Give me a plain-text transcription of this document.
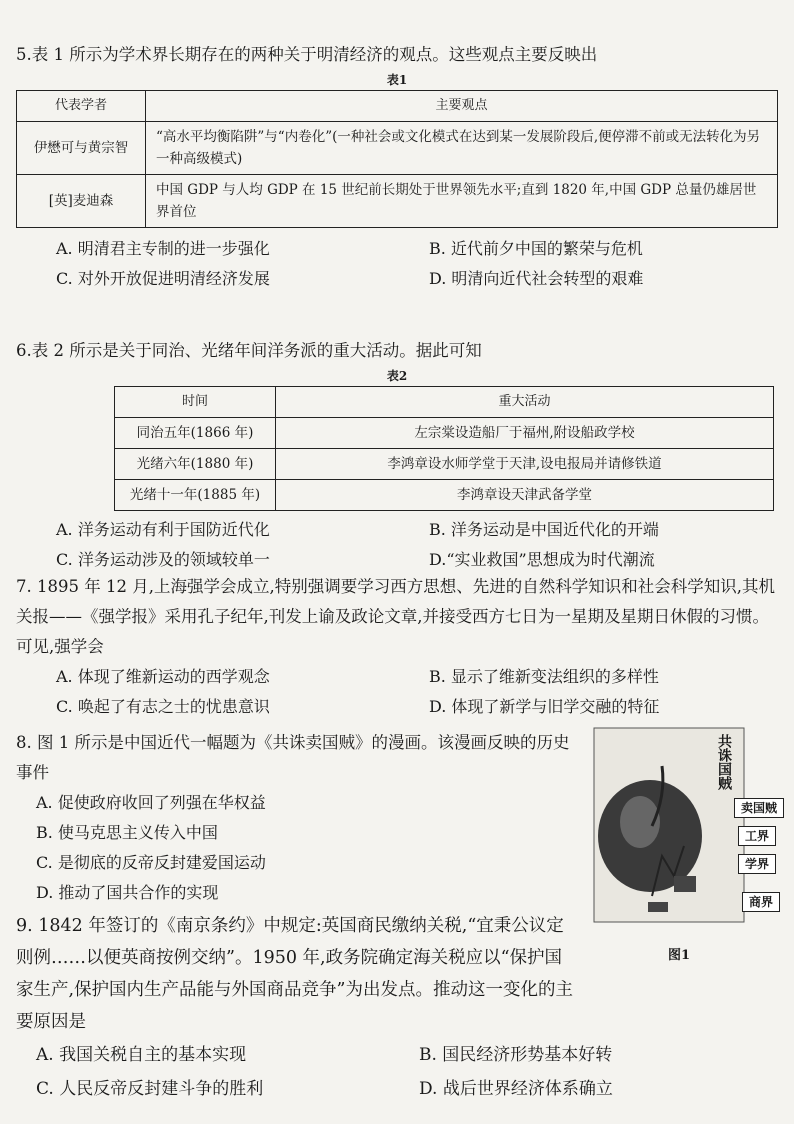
5.表 1 所示为学术界长期存在的两种关于明清经济的观点。这些观点主要反映出

表1
代表学者	主要观点
伊懋可与黄宗智	“高水平均衡陷阱”与“内卷化”(一种社会或文化模式在达到某一发展阶段后,便停滞不前或无法转化为另一种高级模式)
[英]麦迪森	中国 GDP 与人均 GDP 在 15 世纪前长期处于世界领先水平;直到 1820 年,中国 GDP 总量仍雄居世界首位
A. 明清君主专制的进一步强化	B. 近代前夕中国的繁荣与危机
C. 对外开放促进明清经济发展	D. 明清向近代社会转型的艰难

6.表 2 所示是关于同治、光绪年间洋务派的重大活动。据此可知

表2
时间	重大活动
同治五年(1866 年)	左宗棠设造船厂于福州,附设船政学校
光绪六年(1880 年)	李鸿章设水师学堂于天津,设电报局并请修铁道
光绪十一年(1885 年)	李鸿章设天津武备学堂
A. 洋务运动有利于国防近代化	B. 洋务运动是中国近代化的开端
C. 洋务运动涉及的领域较单一	D.“实业救国”思想成为时代潮流

7. 1895 年 12 月,上海强学会成立,特别强调要学习西方思想、先进的自然科学知识和社会科学知识,其机关报——《强学报》采用孔子纪年,刊发上谕及政论文章,并接受西方七日为一星期及星期日休假的习惯。可见,强学会

A. 体现了维新运动的西学观念	B. 显示了维新变法组织的多样性
C. 唤起了有志之士的忧患意识	D. 体现了新学与旧学交融的特征

8. 图 1 所示是中国近代一幅题为《共诛卖国贼》的漫画。该漫画反映的历史事件

A. 促使政府收回了列强在华权益
B. 使马克思主义传入中国
C. 是彻底的反帝反封建爱国运动
D. 推动了国共合作的实现
共诛国贼
卖国贼
工界
学界
商界
图1

9. 1842 年签订的《南京条约》中规定:英国商民缴纳关税,“宜秉公议定则例……以便英商按例交纳”。1950 年,政务院确定海关税应以“保护国家生产,保护国内生产品能与外国商品竞争”为出发点。推动这一变化的主要原因是

A. 我国关税自主的基本实现	B. 国民经济形势基本好转
C. 人民反帝反封建斗争的胜利	D. 战后世界经济体系确立
